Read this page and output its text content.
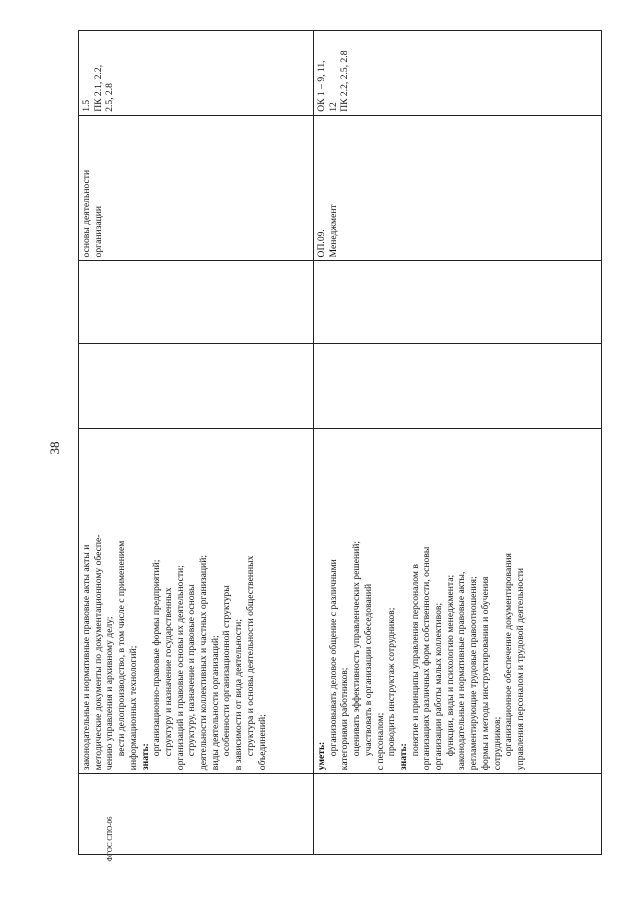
38
ФГОС СПО-06
законодательные и нормативные правовые акты акты и методические документы по документационному обеспе- чению управления и архивному делу; вести делопроизводство, в том числе с применением информационных технологий; знать:
организационно-правовые формы предприятий; структуру и назначение государственных организаций и правовые основы их деятельности; структуру, назначение и правовые основы деятельности коллективных и частных организаций; виды деятельности организаций; особенности организационной структуры в зависимости от вида деятельности; структура и основы деятельности общественных объединений;
основы деятельности организации
1.5 ПК 2.1, 2.2, 2.5, 2.8
уметь: организовывать деловое общение с различными категориями работников; оценивать эффективность управленческих решений; участвовать в организации собеседований с персоналом; проводить инструктаж сотрудников;
знать:
понятие и принципы управления персоналом в организациях различных форм собственности, основы организации работы малых коллективов; функции, виды и психологию менеджмента; законодательные и нормативные правовые акты, регламентирующие трудовые правоотношения; формы и методы инструктирования и обучения сотрудников; организационное обеспечение документирования управления персоналом и трудовой деятельности
ОП.09. Менеджмент
ОК 1 – 9, 11, 12 ПК 2.2, 2.5, 2.8
